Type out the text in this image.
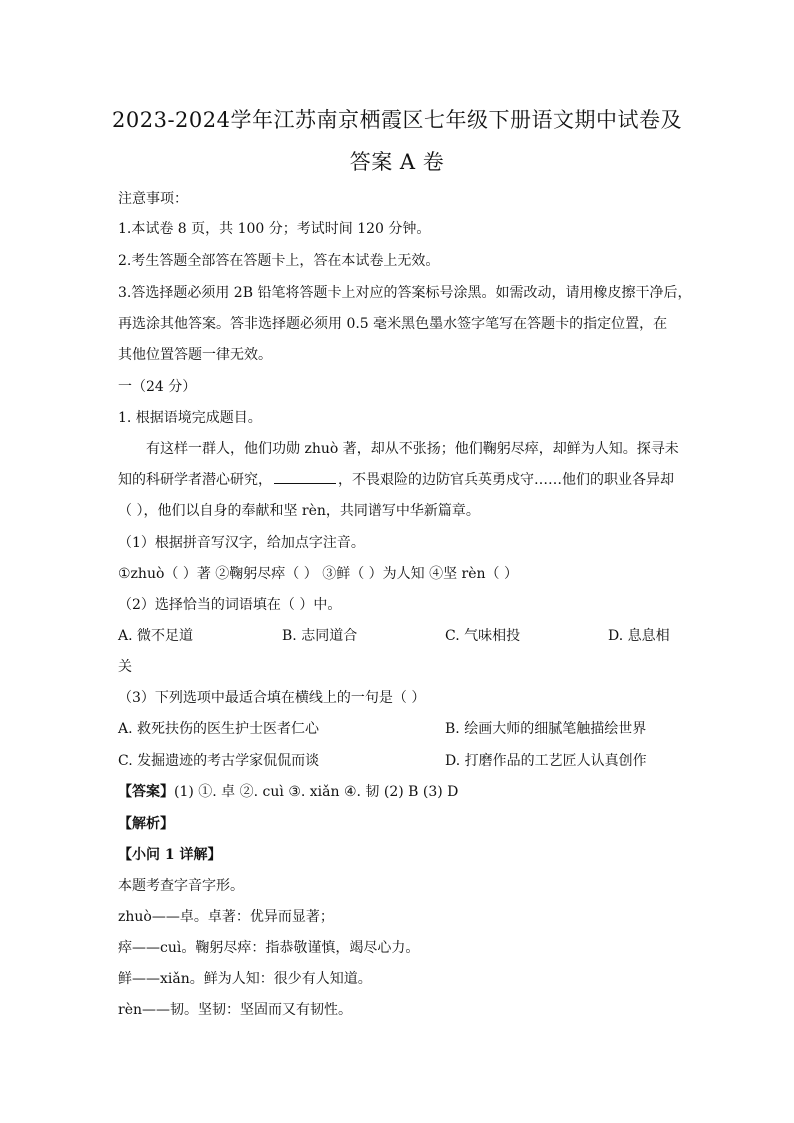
2023-2024学年江苏南京栖霞区七年级下册语文期中试卷及
答案 A 卷
注意事项：
1.本试卷 8 页，共 100 分；考试时间 120 分钟。
2.考生答题全部答在答题卡上，答在本试卷上无效。
3.答选择题必须用 2B 铅笔将答题卡上对应的答案标号涂黑。如需改动，请用橡皮擦干净后，
再选涂其他答案。答非选择题必须用 0.5 毫米黑色墨水签字笔写在答题卡的指定位置，在
其他位置答题一律无效。
一（24 分）
1. 根据语境完成题目。
有这样一群人，他们功勋 zhuò 著，却从不张扬；他们鞠躬尽瘁，却鲜为人知。探寻未
知的科研学者潜心研究，	，不畏艰险的边防官兵英勇戍守……他们的职业各异却
（ ），他们以自身的奉献和坚 rèn，共同谱写中华新篇章。
（1）根据拼音写汉字，给加点字注音。
①zhuò（ ）著 ②鞠躬尽瘁（ ） ③鲜（ ）为人知 ④坚 rèn（ ）
（2）选择恰当的词语填在（ ）中。
A. 微不足道	B. 志同道合	C. 气味相投	D. 息息相
关
（3）下列选项中最适合填在横线上的一句是（ ）
A. 救死扶伤的医生护士医者仁心	B. 绘画大师的细腻笔触描绘世界
C. 发掘遗迹的考古学家侃侃而谈	D. 打磨作品的工艺匠人认真创作
【答案】(1) ①. 卓 ②. cuì ③. xiǎn ④. 韧 (2) B (3) D
【解析】
【小问 1 详解】
本题考查字音字形。
zhuò——卓。卓著：优异而显著；
瘁——cuì。鞠躬尽瘁：指恭敬谨慎，竭尽心力。
鲜——xiǎn。鲜为人知：很少有人知道。
rèn——韧。坚韧：坚固而又有韧性。
